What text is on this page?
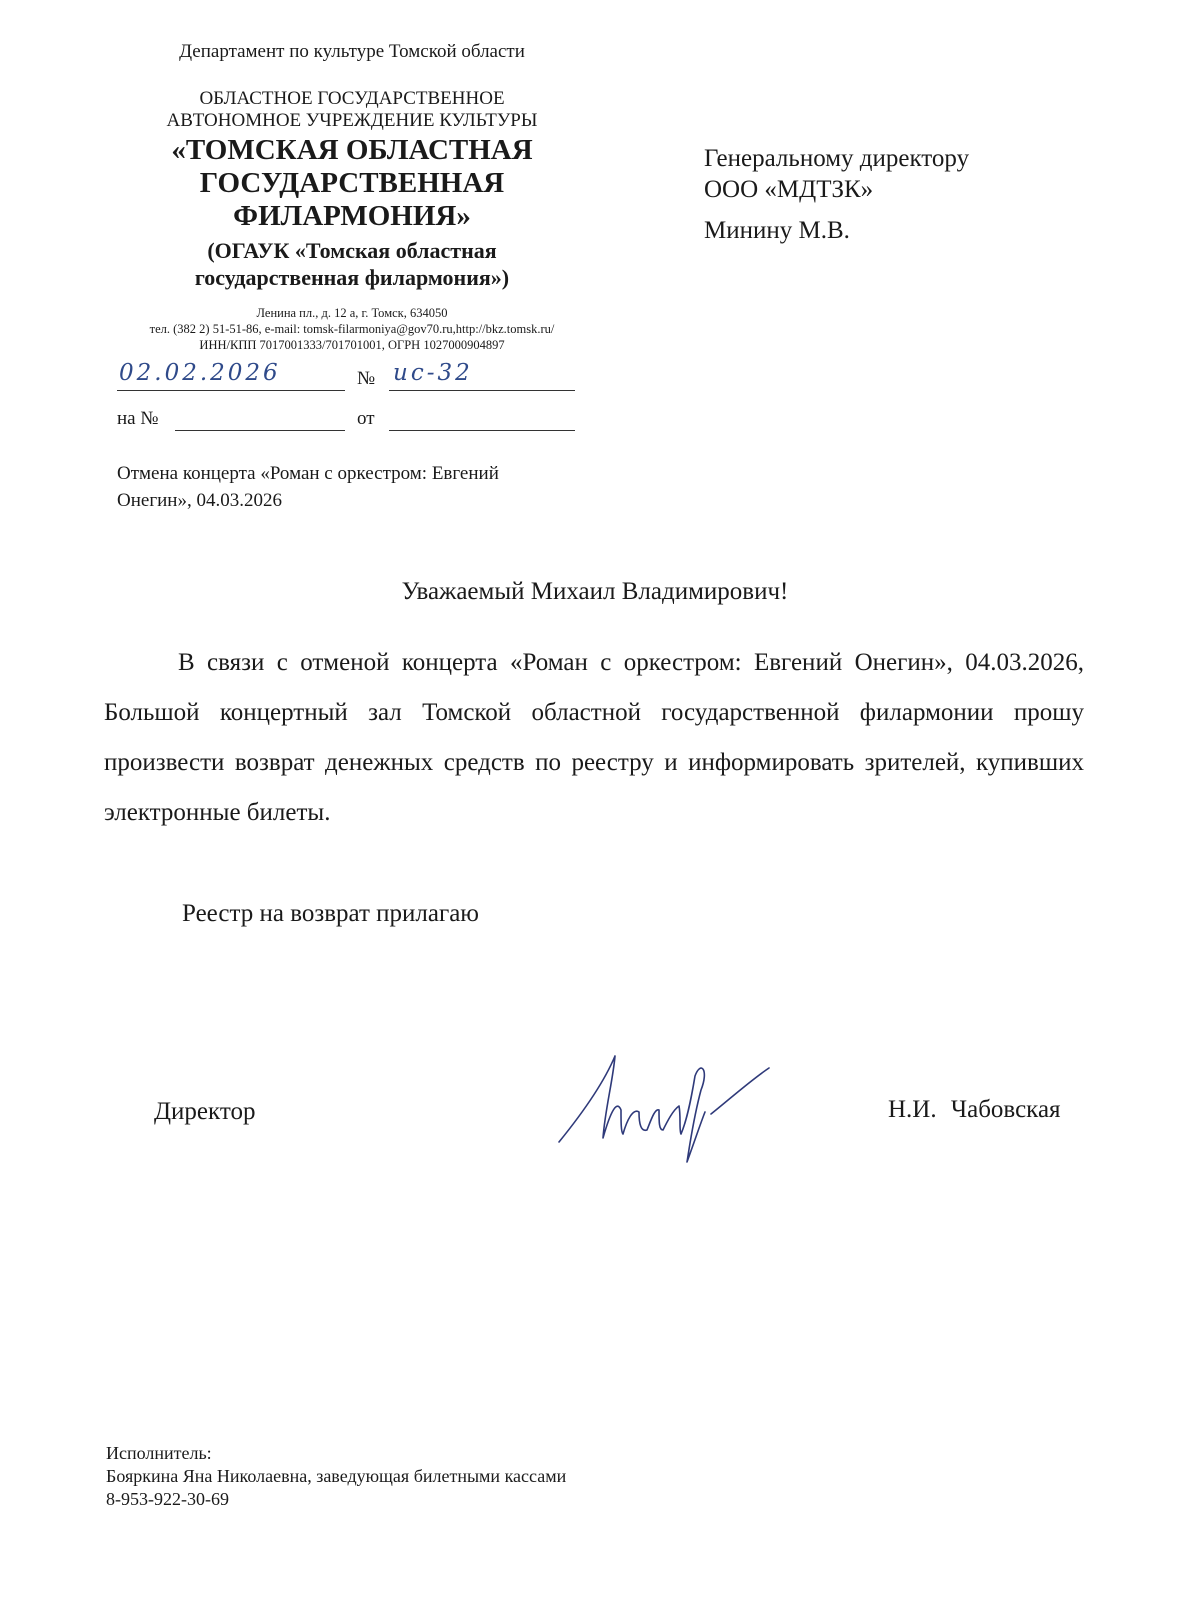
Департамент по культуре Томской области
ОБЛАСТНОЕ ГОСУДАРСТВЕННОЕ
АВТОНОМНОЕ УЧРЕЖДЕНИЕ КУЛЬТУРЫ
«ТОМСКАЯ ОБЛАСТНАЯ
ГОСУДАРСТВЕННАЯ
ФИЛАРМОНИЯ»
(ОГАУК «Томская областная
государственная филармония»)
Ленина пл., д. 12 а, г. Томск, 634050
тел. (382 2) 51-51-86, e-mail: tomsk-filarmoniya@gov70.ru,http://bkz.tomsk.ru/
ИНН/КПП 7017001333/701701001, ОГРН 1027000904897
02.02.2026	№ ис-32
на №	от
Отмена концерта «Роман с оркестром: Евгений
Онегин», 04.03.2026
Генеральному директору
ООО «МДТЗК»
Минину М.В.
Уважаемый Михаил Владимирович!
В связи с отменой концерта «Роман с оркестром: Евгений Онегин», 04.03.2026, Большой концертный зал Томской областной государственной филармонии прошу произвести возврат денежных средств по реестру и информировать зрителей, купивших электронные билеты.
Реестр на возврат прилагаю
Директор	Н.И. Чабовская
Исполнитель:
Бояркина Яна Николаевна, заведующая билетными кассами
8-953-922-30-69
